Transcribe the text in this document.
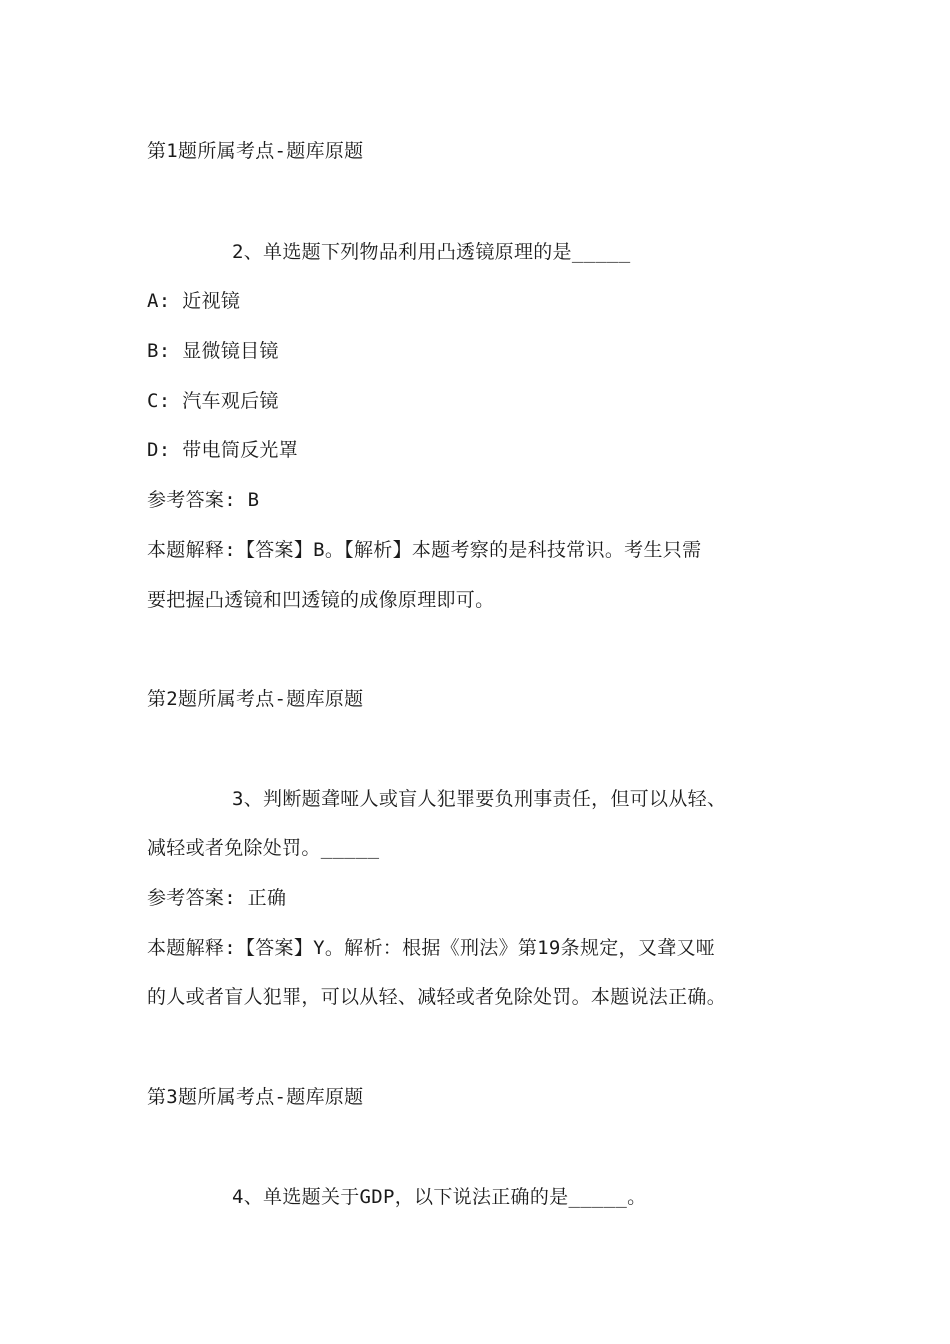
第1题所属考点-题库原题
2、单选题下列物品利用凸透镜原理的是_____
A: 近视镜
B: 显微镜目镜
C: 汽车观后镜
D: 带电筒反光罩
参考答案: B
本题解释:【答案】B。【解析】本题考察的是科技常识。考生只需
要把握凸透镜和凹透镜的成像原理即可。
第2题所属考点-题库原题
3、判断题聋哑人或盲人犯罪要负刑事责任，但可以从轻、
减轻或者免除处罚。_____
参考答案: 正确
本题解释:【答案】Y。解析：根据《刑法》第19条规定，又聋又哑
的人或者盲人犯罪，可以从轻、减轻或者免除处罚。本题说法正确。
第3题所属考点-题库原题
4、单选题关于GDP，以下说法正确的是_____。
